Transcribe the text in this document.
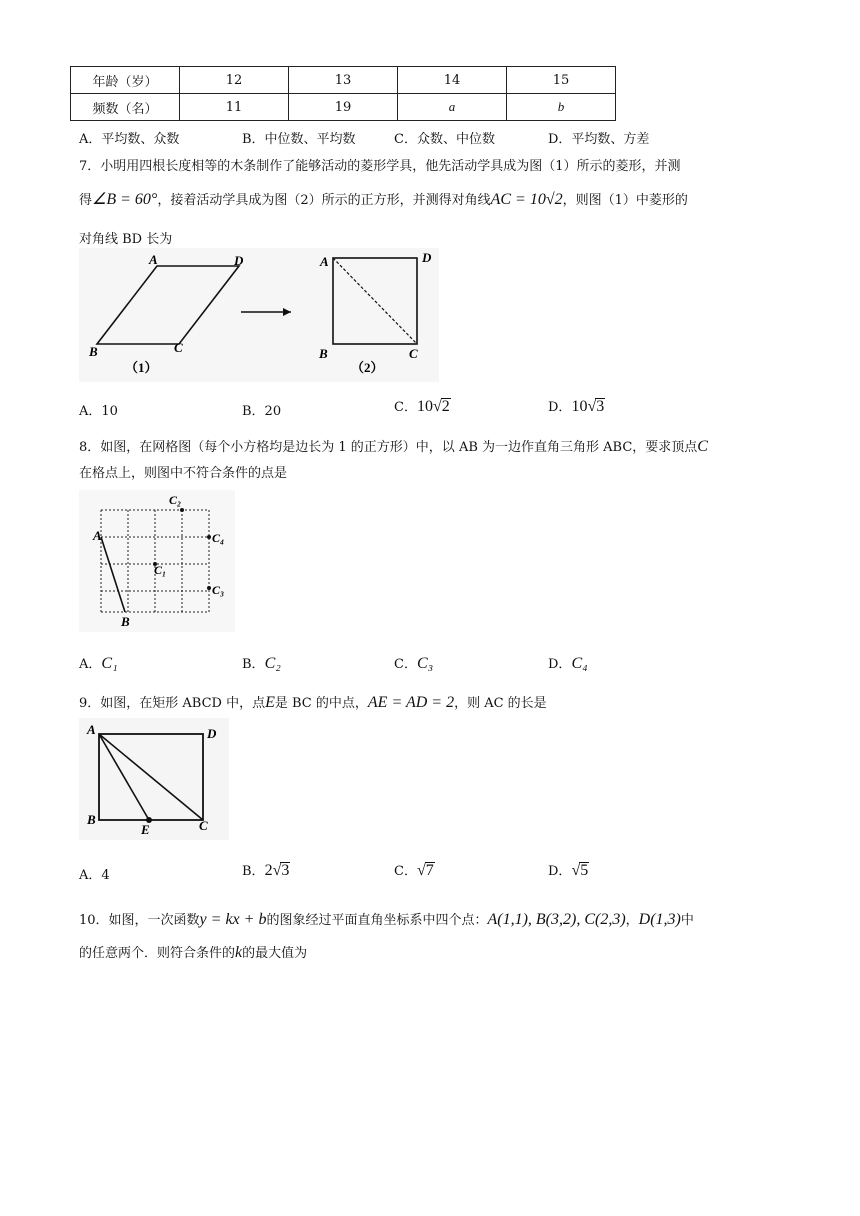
年龄（岁）	12	13	14	15
频数（名）	11	19	a	b
A．平均数、众数	B．中位数、平均数	C．众数、中位数	D．平均数、方差
7．小明用四根长度相等的木条制作了能够活动的菱形学具，他先活动学具成为图（1）所示的菱形，并测
得∠B = 60°，接着活动学具成为图（2）所示的正方形，并测得对角线AC = 10√2，则图（1）中菱形的
对角线 BD 长为
A	D
B	C
（1）
A	D
B	C
（2）
A．10	B．20	C．10√2	D．10√3
8．如图，在网格图（每个小方格均是边长为 1 的正方形）中，以 AB 为一边作直角三角形 ABC，要求顶点C
在格点上，则图中不符合条件的点是
A
B
C₂
C₄
C₁
C₃
A．C₁	B．C₂	C．C₃	D．C₄
9．如图，在矩形 ABCD 中，点E是 BC 的中点，AE = AD = 2，则 AC 的长是
A	D
B	C
E
A．4	B．2√3	C．√7	D．√5
10．如图，一次函数y = kx + b的图象经过平面直角坐标系中四个点：A(1,1), B(3,2), C(2,3)，D(1,3)中
的任意两个．则符合条件的k的最大值为
